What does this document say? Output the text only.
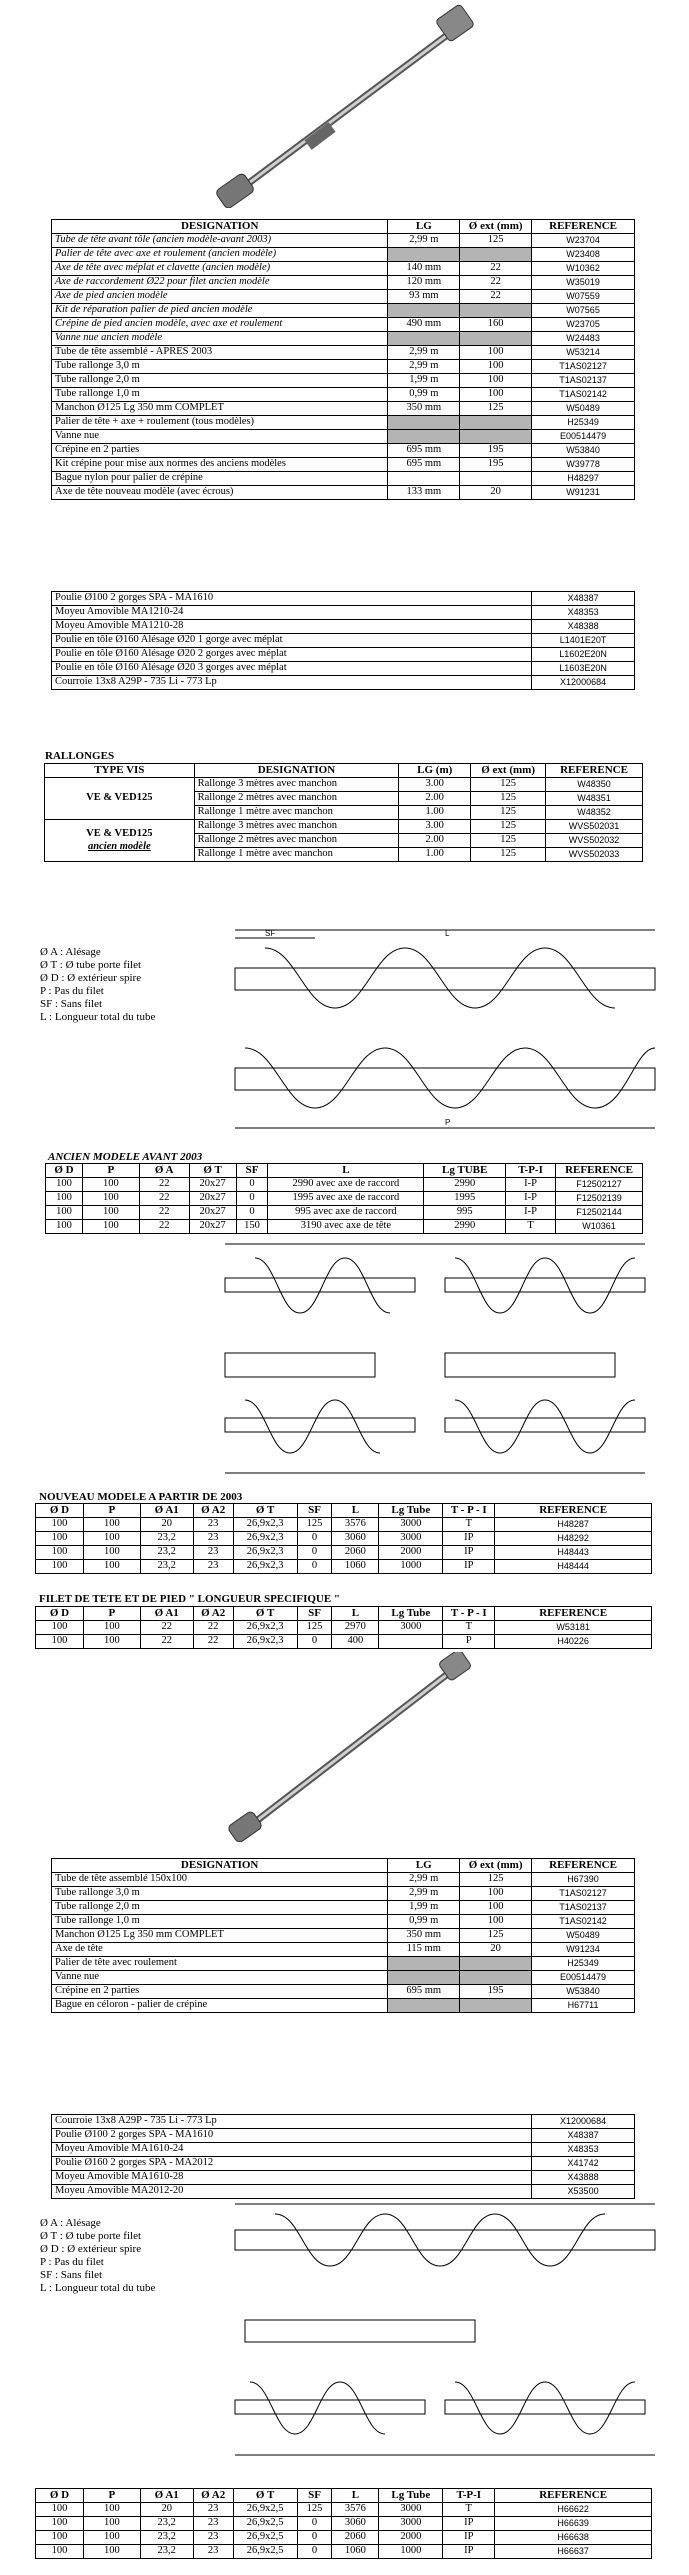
DESIGNATION	LG	Ø ext (mm)	REFERENCE
Tube de tête avant tôle (ancien modèle-avant 2003)	2,99 m	125	W23704
Palier de tête avec axe et roulement (ancien modèle)			W23408
Axe de tête avec méplat et clavette (ancien modèle)	140 mm	22	W10362
Axe de raccordement Ø22 pour filet ancien modèle	120 mm	22	W35019
Axe de pied ancien modèle	93 mm	22	W07559
Kit de réparation palier de pied ancien modèle			W07565
Crépine de pied ancien modèle, avec axe et roulement	490 mm	160	W23705
Vanne nue ancien modèle			W24483
Tube de tête assemblé - APRES 2003	2,99 m	100	W53214
Tube rallonge 3,0 m	2,99 m	100	T1AS02127
Tube rallonge 2,0 m	1,99 m	100	T1AS02137
Tube rallonge 1,0 m	0,99 m	100	T1AS02142
Manchon Ø125 Lg 350 mm COMPLET	350 mm	125	W50489
Palier de tête + axe + roulement (tous modèles)			H25349
Vanne nue			E00514479
Crépine en 2 parties	695 mm	195	W53840
Kit crépine pour mise aux normes des anciens modèles	695 mm	195	W39778
Bague nylon pour palier de crépine			H48297
Axe de tête nouveau modèle (avec écrous)	133 mm	20	W91231
Poulie Ø100 2 gorges SPA - MA1610	X48387
Moyeu Amovible MA1210-24	X48353
Moyeu Amovible MA1210-28	X48388
Poulie en tôle Ø160 Alésage Ø20 1 gorge avec méplat	L1401E20T
Poulie en tôle Ø160 Alésage Ø20 2 gorges avec méplat	L1602E20N
Poulie en tôle Ø160 Alésage Ø20 3 gorges avec méplat	L1603E20N
Courroie 13x8 A29P - 735 Li - 773 Lp	X12000684
RALLONGES
TYPE VIS	DESIGNATION	LG (m)	Ø ext (mm)	REFERENCE

VE & VED125	Rallonge 3 mètres avec manchon	3.00	125	W48350
	Rallonge 2 mètres avec manchon	2.00	125	W48351
	Rallonge 1 mètre avec manchon	1.00	125	W48352

VE & VED125
ancien modèle	Rallonge 3 mètres avec manchon	3.00	125	WVS502031
	Rallonge 2 mètres avec manchon	2.00	125	WVS502032
	Rallonge 1 mètre avec manchon	1.00	125	WVS502033
Ø A : Alésage
Ø T : Ø tube porte filet
Ø D : Ø extérieur spire
P : Pas du filet
SF : Sans filet
L : Longueur total du tube
SF	L
P
ANCIEN MODELE AVANT 2003
Ø D	P	Ø A	Ø T	SF	L	Lg TUBE	T-P-I	REFERENCE
100	100	22	20x27	0	2990 avec axe de raccord	2990	I-P	F12502127
100	100	22	20x27	0	1995 avec axe de raccord	1995	I-P	F12502139
100	100	22	20x27	0	995 avec axe de raccord	995	I-P	F12502144
100	100	22	20x27	150	3190 avec axe de tête	2990	T	W10361
NOUVEAU MODELE A PARTIR DE 2003
Ø D	P	Ø A1	Ø A2	Ø T	SF	L	Lg Tube	T - P - I	REFERENCE
100	100	20	23	26,9x2,3	125	3576	3000	T	H48287
100	100	23,2	23	26,9x2,3	0	3060	3000	IP	H48292
100	100	23,2	23	26,9x2,3	0	2060	2000	IP	H48443
100	100	23,2	23	26,9x2,3	0	1060	1000	IP	H48444
FILET DE TETE ET DE PIED " LONGUEUR SPECIFIQUE "
Ø D	P	Ø A1	Ø A2	Ø T	SF	L	Lg Tube	T - P - I	REFERENCE
100	100	22	22	26,9x2,3	125	2970	3000	T	W53181
100	100	22	22	26,9x2,3	0	400		P	H40226
DESIGNATION	LG	Ø ext (mm)	REFERENCE
Tube de tête assemblé 150x100	2,99 m	125	H67390
Tube rallonge 3,0 m	2,99 m	100	T1AS02127
Tube rallonge 2,0 m	1,99 m	100	T1AS02137
Tube rallonge 1,0 m	0,99 m	100	T1AS02142
Manchon Ø125 Lg 350 mm COMPLET	350 mm	125	W50489
Axe de tête	115 mm	20	W91234
Palier de tête avec roulement			H25349
Vanne nue			E00514479
Crépine en 2 parties	695 mm	195	W53840
Bague en céloron - palier de crépine			H67711
Courroie 13x8 A29P - 735 Li - 773 Lp	X12000684
Poulie Ø100 2 gorges SPA - MA1610	X48387
Moyeu Amovible MA1610-24	X48353
Poulie Ø160 2 gorges SPA - MA2012	X41742
Moyeu Amovible MA1610-28	X43888
Moyeu Amovible MA2012-20	X53500
Ø A : Alésage
Ø T : Ø tube porte filet
Ø D : Ø extérieur spire
P : Pas du filet
SF : Sans filet
L : Longueur total du tube
Ø D	P	Ø A1	Ø A2	Ø T	SF	L	Lg Tube	T-P-I	REFERENCE
100	100	20	23	26,9x2,5	125	3576	3000	T	H66622
100	100	23,2	23	26,9x2,5	0	3060	3000	IP	H66639
100	100	23,2	23	26,9x2,5	0	2060	2000	IP	H66638
100	100	23,2	23	26,9x2,5	0	1060	1000	IP	H66637
